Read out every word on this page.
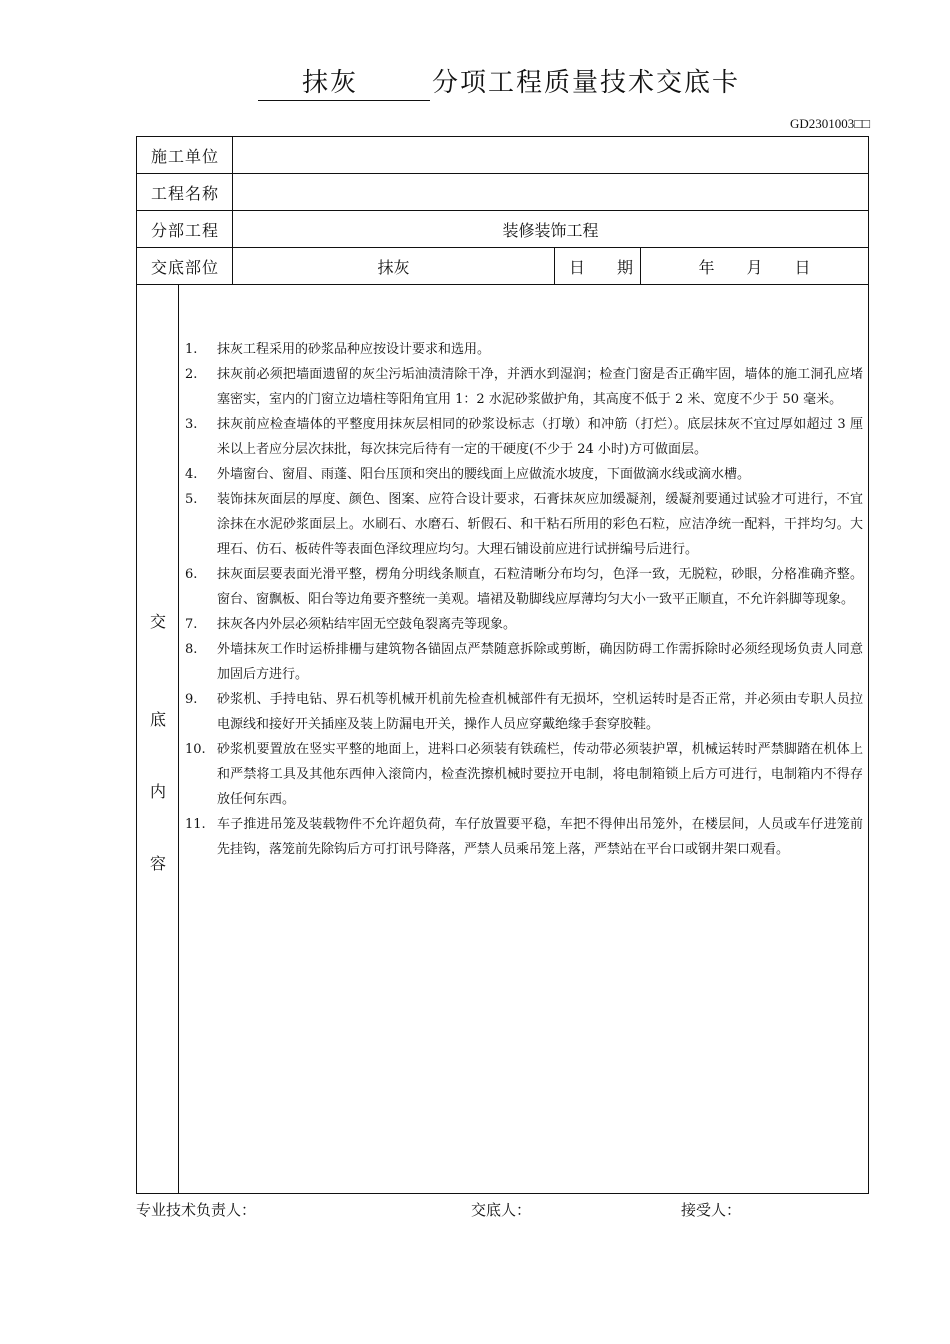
抹灰	分项工程质量技术交底卡
GD2301003□□
施工单位
工程名称
分部工程	装修装饰工程
交底部位	抹灰	日　　期	年　　月　　日
交
底
内
容
1. 抹灰工程采用的砂浆品种应按设计要求和选用。
2. 抹灰前必须把墙面遗留的灰尘污垢油渍清除干净，并洒水到湿润；检查门窗是否正确牢固，墙体的施工洞孔应堵塞密实，室内的门窗立边墙柱等阳角宜用 1：2 水泥砂浆做护角，其高度不低于 2 米、宽度不少于 50 毫米。
3. 抹灰前应检查墙体的平整度用抹灰层相同的砂浆设标志（打墩）和冲筋（打烂）。底层抹灰不宜过厚如超过 3 厘米以上者应分层次抹批，每次抹完后待有一定的干硬度(不少于 24 小时)方可做面层。
4. 外墙窗台、窗眉、雨蓬、阳台压顶和突出的腰线面上应做流水坡度，下面做滴水线或滴水槽。
5. 装饰抹灰面层的厚度、颜色、图案、应符合设计要求，石膏抹灰应加缓凝剂，缓凝剂要通过试验才可进行，不宜涂抹在水泥砂浆面层上。水刷石、水磨石、斩假石、和干粘石所用的彩色石粒，应洁净统一配料，干拌均匀。大理石、仿石、板砖件等表面色泽纹理应均匀。大理石铺设前应进行试拼编号后进行。
6. 抹灰面层要表面光滑平整，楞角分明线条顺直，石粒清晰分布均匀，色泽一致，无脱粒，砂眼，分格准确齐整。窗台、窗飘板、阳台等边角要齐整统一美观。墙裙及勒脚线应厚薄均匀大小一致平正顺直，不允许斜脚等现象。
7. 抹灰各内外层必须粘结牢固无空鼓龟裂离壳等现象。
8. 外墙抹灰工作时运桥排栅与建筑物各锚固点严禁随意拆除或剪断，确因防碍工作需拆除时必须经现场负责人同意加固后方进行。
9. 砂浆机、手持电钻、界石机等机械开机前先检查机械部件有无损坏，空机运转时是否正常，并必须由专职人员拉电源线和接好开关插座及装上防漏电开关，操作人员应穿戴绝缘手套穿胶鞋。
10. 砂浆机要置放在竖实平整的地面上，进料口必须装有铁疏栏，传动带必须装护罩，机械运转时严禁脚踏在机体上和严禁将工具及其他东西伸入滚筒内，检查洗擦机械时要拉开电制，将电制箱锁上后方可进行，电制箱内不得存放任何东西。
11. 车子推进吊笼及装载物件不允许超负荷，车仔放置要平稳，车把不得伸出吊笼外，在楼层间，人员或车仔进笼前先挂钩，落笼前先除钩后方可打讯号降落，严禁人员乘吊笼上落，严禁站在平台口或钢井架口观看。
专业技术负责人：	交底人：	接受人：
